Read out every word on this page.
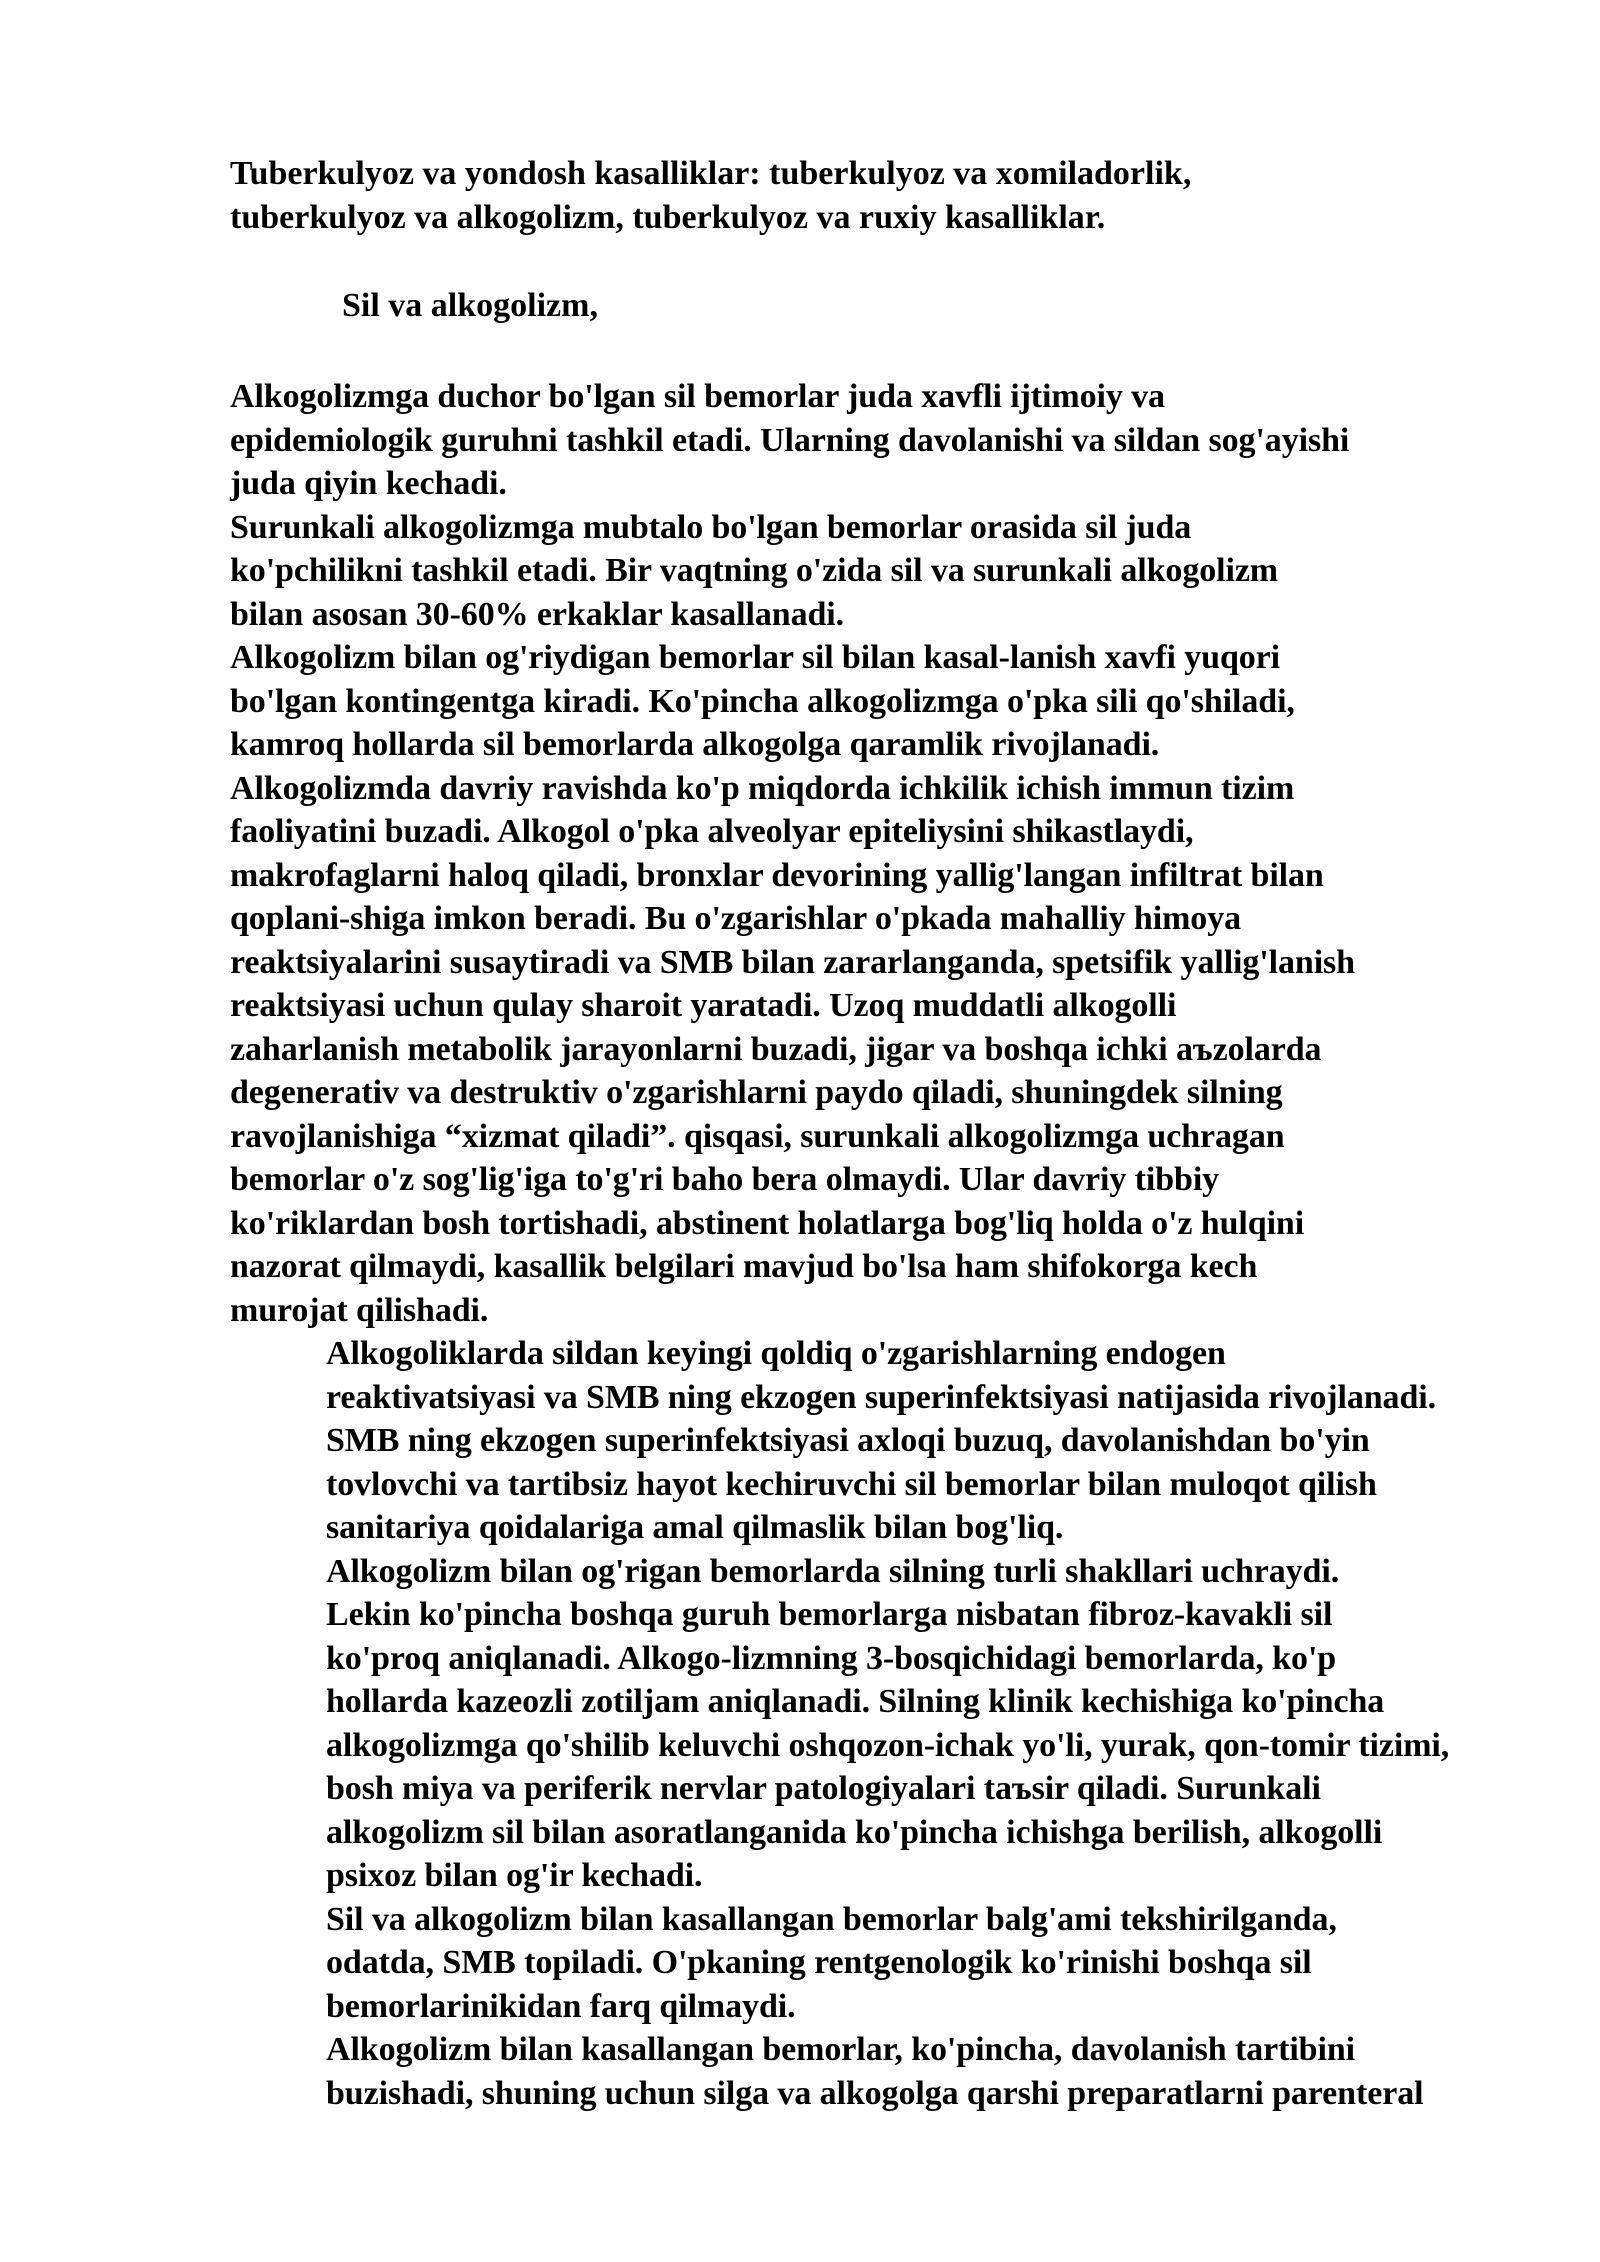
Tuberkulyoz va yondosh kasalliklar: tuberkulyoz va xomiladorlik, tuberkulyoz va alkogolizm, tuberkulyoz va ruxiy kasalliklar.

Sil va alkogolizm,

Alkogolizmga duchor bo'lgan sil bemorlar juda xavfli ijtimoiy va
epidemiologik guruhni tashkil etadi. Ularning davolanishi va sildan sog'ayishi
juda qiyin kechadi.

Surunkali alkogolizmga mubtalo bo'lgan bemorlar orasida sil juda
ko'pchilikni tashkil etadi. Bir vaqtning o'zida sil va surunkali alkogolizm
bilan asosan 30-60% erkaklar kasallanadi.

Alkogolizm bilan og'riydigan bemorlar sil bilan kasal-lanish xavfi yuqori
bo'lgan kontingentga kiradi. Ko'pincha alkogolizmga o'pka sili qo'shiladi,
kamroq hollarda sil bemorlarda alkogolga qaramlik rivojlanadi.

Alkogolizmda davriy ravishda ko'p miqdorda ichkilik ichish immun tizim
faoliyatini buzadi. Alkogol o'pka alveolyar epiteliysini shikastlaydi,
makrofaglarni haloq qiladi, bronxlar devorining yallig'langan infiltrat bilan
qoplani-shiga imkon beradi. Bu o'zgarishlar o'pkada mahalliy himoya
reaktsiyalarini susaytiradi va SMB bilan zararlanganda, spetsifik yallig'lanish
reaktsiyasi uchun qulay sharoit yaratadi. Uzoq muddatli alkogolli
zaharlanish metabolik jarayonlarni buzadi, jigar va boshqa ichki aъzolarda
degenerativ va destruktiv o'zgarishlarni paydo qiladi, shuningdek silning
ravojlanishiga “xizmat qiladi”. qisqasi, surunkali alkogolizmga uchragan
bemorlar o'z sog'lig'iga to'g'ri baho bera olmaydi. Ular davriy tibbiy
ko'riklardan bosh tortishadi, abstinent holatlarga bog'liq holda o'z hulqini
nazorat qilmaydi, kasallik belgilari mavjud bo'lsa ham shifokorga kech
murojat qilishadi.

Alkogoliklarda sildan keyingi qoldiq o'zgarishlarning endogen
reaktivatsiyasi va SMB ning ekzogen superinfektsiyasi natijasida rivojlanadi.
SMB ning ekzogen superinfektsiyasi axloqi buzuq, davolanishdan bo'yin
tovlovchi va tartibsiz hayot kechiruvchi sil bemorlar bilan muloqot qilish
sanitariya qoidalariga amal qilmaslik bilan bog'liq.

Alkogolizm bilan og'rigan bemorlarda silning turli shakllari uchraydi.
Lekin ko'pincha boshqa guruh bemorlarga nisbatan fibroz-kavakli sil
ko'proq aniqlanadi. Alkogo-lizmning 3-bosqichidagi bemorlarda, ko'p
hollarda kazeozli zotiljam aniqlanadi. Silning klinik kechishiga ko'pincha
alkogolizmga qo'shilib keluvchi oshqozon-ichak yo'li, yurak, qon-tomir tizimi,
bosh miya va periferik nervlar patologiyalari taъsir qiladi. Surunkali
alkogolizm sil bilan asoratlanganida ko'pincha ichishga berilish, alkogolli
psixoz bilan og'ir kechadi.

Sil va alkogolizm bilan kasallangan bemorlar balg'ami tekshirilganda,
odatda, SMB topiladi. O'pkaning rentgenologik ko'rinishi boshqa sil
bemorlarinikidan farq qilmaydi.

Alkogolizm bilan kasallangan bemorlar, ko'pincha, davolanish tartibini
buzishadi, shuning uchun silga va alkogolga qarshi preparatlarni parenteral
